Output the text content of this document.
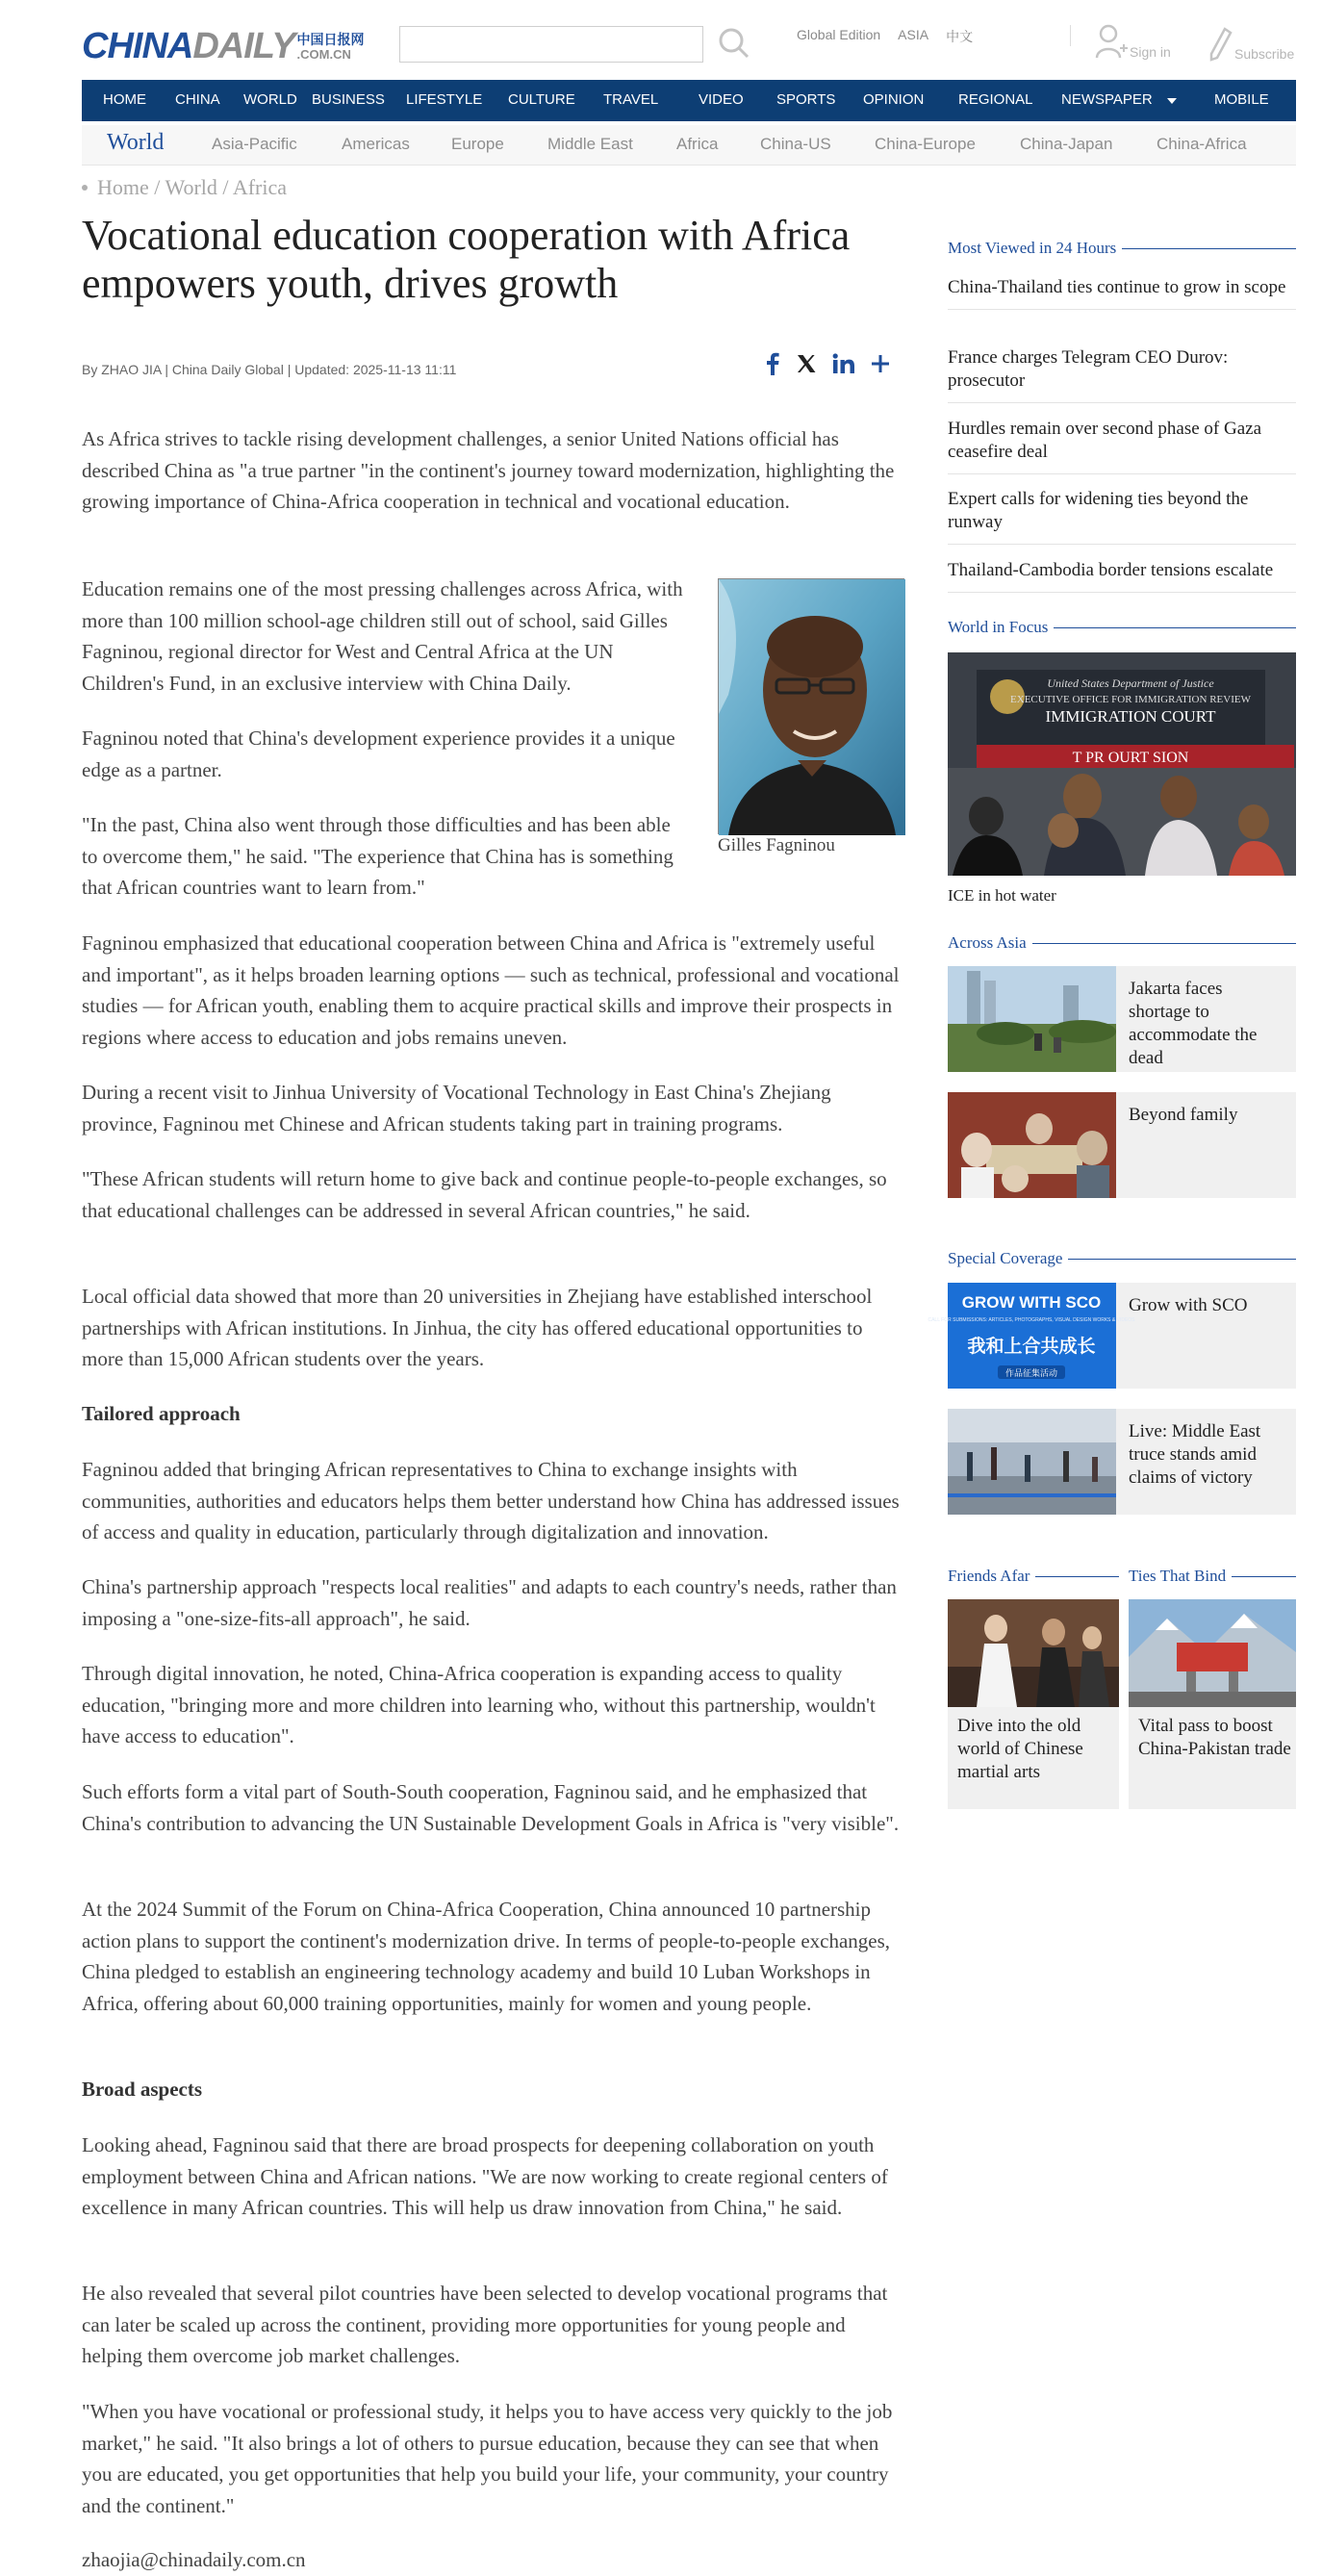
CHINADAILY 中国日报网
.COM.CN
Global Edition ASIA 中文
Sign in	Subscribe
HOME CHINA WORLD BUSINESS LIFESTYLE CULTURE TRAVEL	VIDEO SPORTS OPINION REGIONAL NEWSPAPER	MOBILE
World	Asia-Pacific	Americas	Europe	Middle East	Africa	China-US	China-Europe	China-Japan	China-Africa
Home / World / Africa
Vocational education cooperation with Africa empowers youth, drives growth
By ZHAO JIA | China Daily Global | Updated: 2025-11-13 11:11

As Africa strives to tackle rising development challenges, a senior United Nations official has described China as "a true partner "in the continent's journey toward modernization, highlighting the growing importance of China-Africa cooperation in technical and vocational education.

Education remains one of the most pressing challenges across Africa, with more than 100 million school-age children still out of school, said Gilles Fagninou, regional director for West and Central Africa at the UN Children's Fund, in an exclusive interview with China Daily.

Fagninou noted that China's development experience provides it a unique edge as a partner.

"In the past, China also went through those difficulties and has been able to overcome them," he said. "The experience that China has is something that African countries want to learn from."

Fagninou emphasized that educational cooperation between China and Africa is "extremely useful and important", as it helps broaden learning options — such as technical, professional and vocational studies — for African youth, enabling them to acquire practical skills and improve their prospects in regions where access to education and jobs remains uneven.

During a recent visit to Jinhua University of Vocational Technology in East China's Zhejiang province, Fagninou met Chinese and African students taking part in training programs.

"These African students will return home to give back and continue people-to-people exchanges, so that educational challenges can be addressed in several African countries," he said.

Local official data showed that more than 20 universities in Zhejiang have established interschool partnerships with African institutions. In Jinhua, the city has offered educational opportunities to more than 15,000 African students over the years.

Tailored approach

Fagninou added that bringing African representatives to China to exchange insights with communities, authorities and educators helps them better understand how China has addressed issues of access and quality in education, particularly through digitalization and innovation.

China's partnership approach "respects local realities" and adapts to each country's needs, rather than imposing a "one-size-fits-all approach", he said.

Through digital innovation, he noted, China-Africa cooperation is expanding access to quality education, "bringing more and more children into learning who, without this partnership, wouldn't have access to education".

Such efforts form a vital part of South-South cooperation, Fagninou said, and he emphasized that China's contribution to advancing the UN Sustainable Development Goals in Africa is "very visible".

At the 2024 Summit of the Forum on China-Africa Cooperation, China announced 10 partnership action plans to support the continent's modernization drive. In terms of people-to-people exchanges, China pledged to establish an engineering technology academy and build 10 Luban Workshops in Africa, offering about 60,000 training opportunities, mainly for women and young people.

Broad aspects

Looking ahead, Fagninou said that there are broad prospects for deepening collaboration on youth employment between China and African nations. "We are now working to create regional centers of excellence in many African countries. This will help us draw innovation from China," he said.

He also revealed that several pilot countries have been selected to develop vocational programs that can later be scaled up across the continent, providing more opportunities for young people and helping them overcome job market challenges.

"When you have vocational or professional study, it helps you to have access very quickly to the job market," he said. "It also brings a lot of others to pursue education, because they can see that when you are educated, you get opportunities that help you build your life, your community, your country and the continent."

zhaojia@chinadaily.com.cn

Gilles Fagninou
Most Viewed in 24 Hours
China-Thailand ties continue to grow in scope
France charges Telegram CEO Durov: prosecutor
Hurdles remain over second phase of Gaza ceasefire deal
Expert calls for widening ties beyond the runway
Thailand-Cambodia border tensions escalate
World in Focus
United States Department of Justice
EXECUTIVE OFFICE FOR IMMIGRATION REVIEW
IMMIGRATION COURT
T PR OURT SION
ICE in hot water
Across Asia
Jakarta faces shortage to accommodate the dead
Beyond family
Special Coverage
GROW WITH SCO
CALL FOR SUBMISSIONS: ARTICLES, PHOTOGRAPHS, VISUAL DESIGN WORKS & VIDEOS
我和上合共成长
作品征集活动
Grow with SCO
Live: Middle East truce stands amid claims of victory
Friends Afar	Ties That Bind
Dive into the old world of Chinese martial arts
Vital pass to boost China-Pakistan trade
